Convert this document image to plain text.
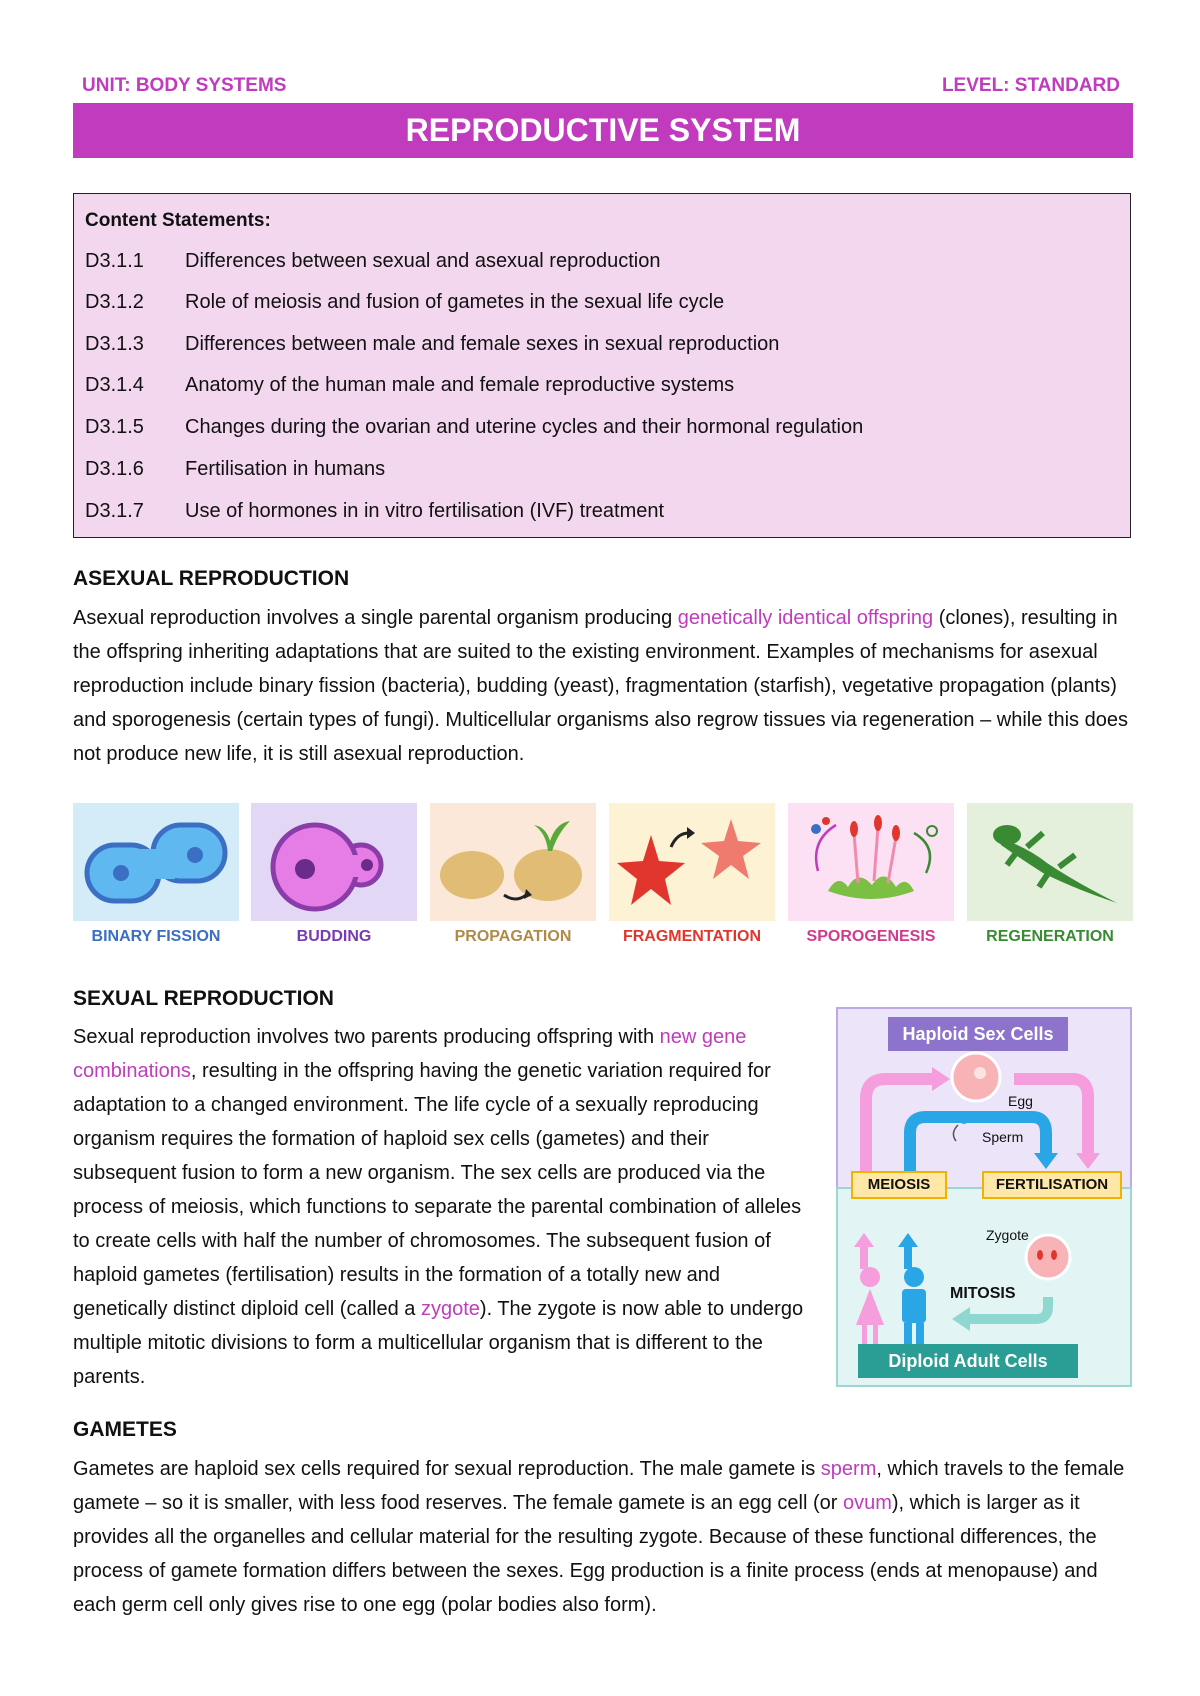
UNIT: BODY SYSTEMS	LEVEL: STANDARD
REPRODUCTIVE SYSTEM
Content Statements:
D3.1.1	Differences between sexual and asexual reproduction
D3.1.2	Role of meiosis and fusion of gametes in the sexual life cycle
D3.1.3	Differences between male and female sexes in sexual reproduction
D3.1.4	Anatomy of the human male and female reproductive systems
D3.1.5	Changes during the ovarian and uterine cycles and their hormonal regulation
D3.1.6	Fertilisation in humans
D3.1.7	Use of hormones in in vitro fertilisation (IVF) treatment
ASEXUAL REPRODUCTION
Asexual reproduction involves a single parental organism producing genetically identical offspring (clones), resulting in the offspring inheriting adaptations that are suited to the existing environment. Examples of mechanisms for asexual reproduction include binary fission (bacteria), budding (yeast), fragmentation (starfish), vegetative propagation (plants) and sporogenesis (certain types of fungi). Multicellular organisms also regrow tissues via regeneration – while this does not produce new life, it is still asexual reproduction.
BINARY FISSION	BUDDING	PROPAGATION	FRAGMENTATION	SPOROGENESIS	REGENERATION
SEXUAL REPRODUCTION
Sexual reproduction involves two parents producing offspring with new gene combinations, resulting in the offspring having the genetic variation required for adaptation to a changed environment. The life cycle of a sexually reproducing organism requires the formation of haploid sex cells (gametes) and their subsequent fusion to form a new organism. The sex cells are produced via the process of meiosis, which functions to separate the parental combination of alleles to create cells with half the number of chromosomes. The subsequent fusion of haploid gametes (fertilisation) results in the formation of a totally new and genetically distinct diploid cell (called a zygote). The zygote is now able to undergo multiple mitotic divisions to form a multicellular organism that is different to the parents.
Haploid Sex Cells
Egg
Sperm
MEIOSIS	FERTILISATION
Zygote
MITOSIS
Diploid Adult Cells
GAMETES
Gametes are haploid sex cells required for sexual reproduction. The male gamete is sperm, which travels to the female gamete – so it is smaller, with less food reserves. The female gamete is an egg cell (or ovum), which is larger as it provides all the organelles and cellular material for the resulting zygote. Because of these functional differences, the process of gamete formation differs between the sexes. Egg production is a finite process (ends at menopause) and each germ cell only gives rise to one egg (polar bodies also form).
